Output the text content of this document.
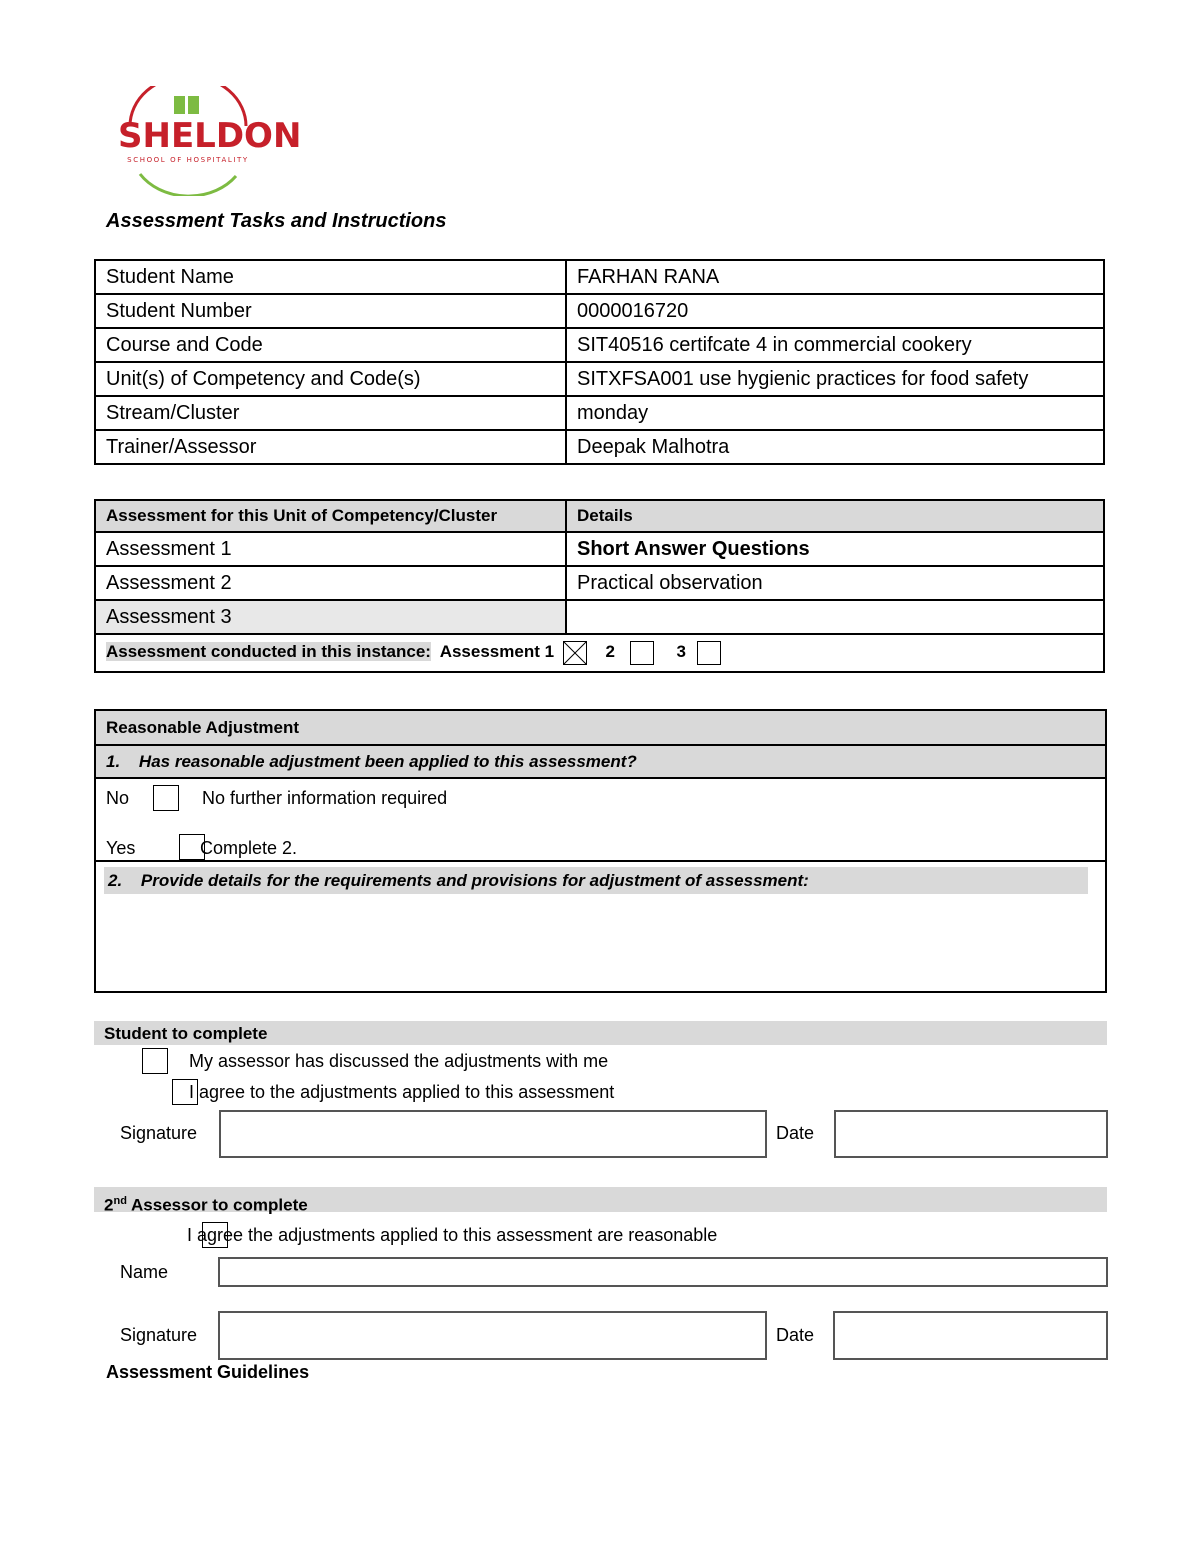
SHELDON
SCHOOL OF HOSPITALITY
Assessment Tasks and Instructions
Student Name	FARHAN RANA
Student Number	0000016720
Course and Code	SIT40516 certifcate 4 in commercial cookery
Unit(s) of Competency and Code(s)	SITXFSA001 use hygienic practices for food safety
Stream/Cluster	monday
Trainer/Assessor	Deepak Malhotra
Assessment for this Unit of Competency/Cluster	Details
Assessment 1	Short Answer Questions
Assessment 2	Practical observation
Assessment 3	
Assessment conducted in this instance: Assessment 1 2 3	
Reasonable Adjustment
1. Has reasonable adjustment been applied to this assessment?
No
	No further information required
Yes	Complete 2.
2. Provide details for the requirements and provisions for adjustment of assessment:
Student to complete

My assessor has discussed the adjustments with me

I agree to the adjustments applied to this assessment
Signature	Date
2nd Assessor to complete
I agree the adjustments applied to this assessment are reasonable
Name
Signature	Date
Assessment Guidelines
